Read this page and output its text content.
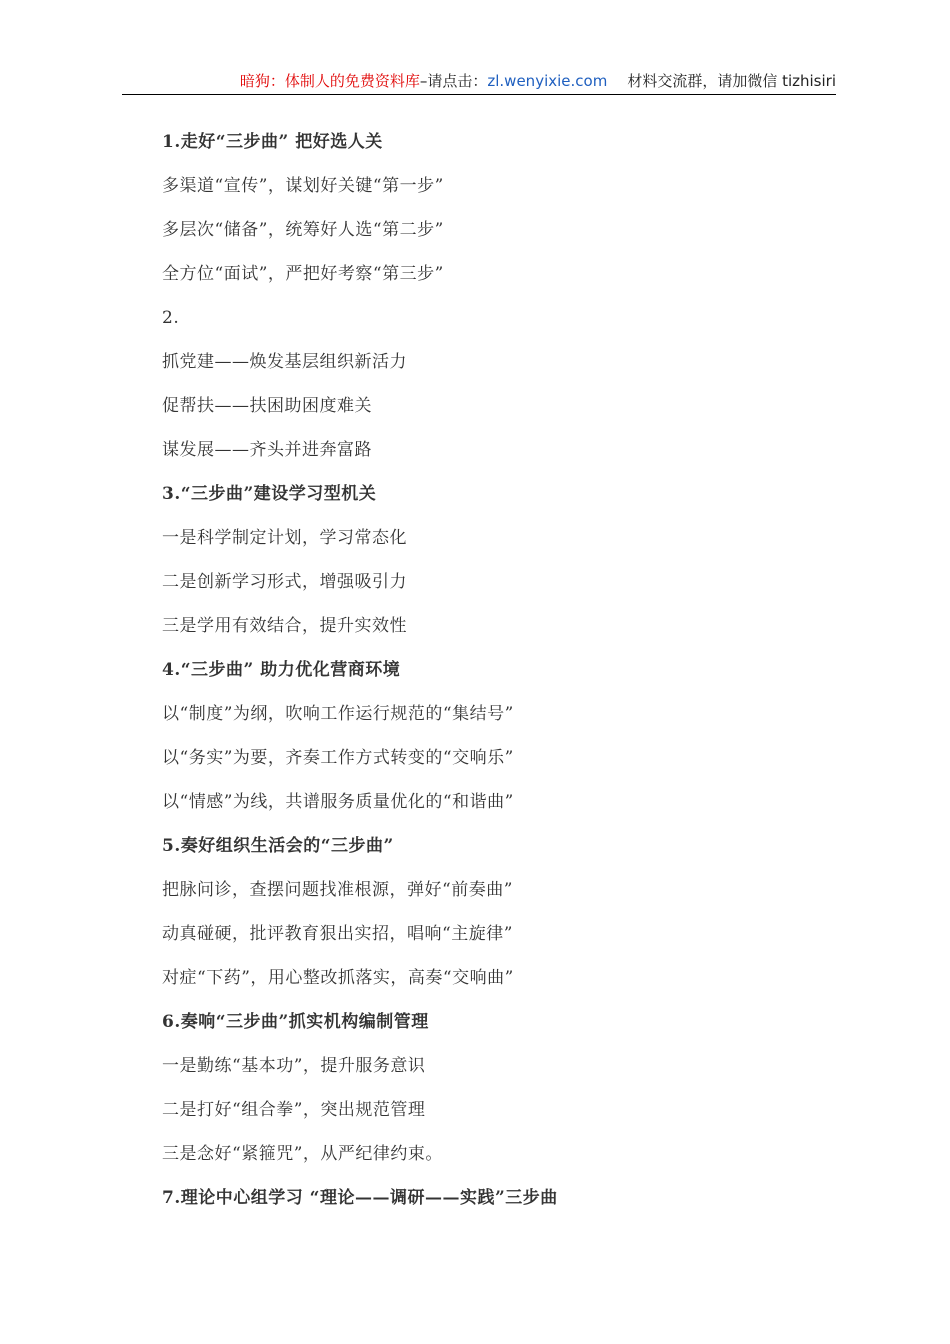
暗狗：体制人的免费资料库–请点击：zl.wenyixie.com 材料交流群，请加微信 tizhisiri
1.走好“三步曲” 把好选人关
多渠道“宣传”，谋划好关键“第一步”
多层次“储备”，统筹好人选“第二步”
全方位“面试”，严把好考察“第三步”
2.
抓党建——焕发基层组织新活力
促帮扶——扶困助困度难关
谋发展——齐头并进奔富路
3.“三步曲”建设学习型机关
一是科学制定计划，学习常态化
二是创新学习形式，增强吸引力
三是学用有效结合，提升实效性
4.“三步曲” 助力优化营商环境
以“制度”为纲，吹响工作运行规范的“集结号”
以“务实”为要，齐奏工作方式转变的“交响乐”
以“情感”为线，共谱服务质量优化的“和谐曲”
5.奏好组织生活会的“三步曲”
把脉问诊，查摆问题找准根源，弹好“前奏曲”
动真碰硬，批评教育狠出实招，唱响“主旋律”
对症“下药”，用心整改抓落实，高奏“交响曲”
6.奏响“三步曲”抓实机构编制管理
一是勤练“基本功”，提升服务意识
二是打好“组合拳”，突出规范管理
三是念好“紧箍咒”，从严纪律约束。
7.理论中心组学习 “理论——调研——实践”三步曲
